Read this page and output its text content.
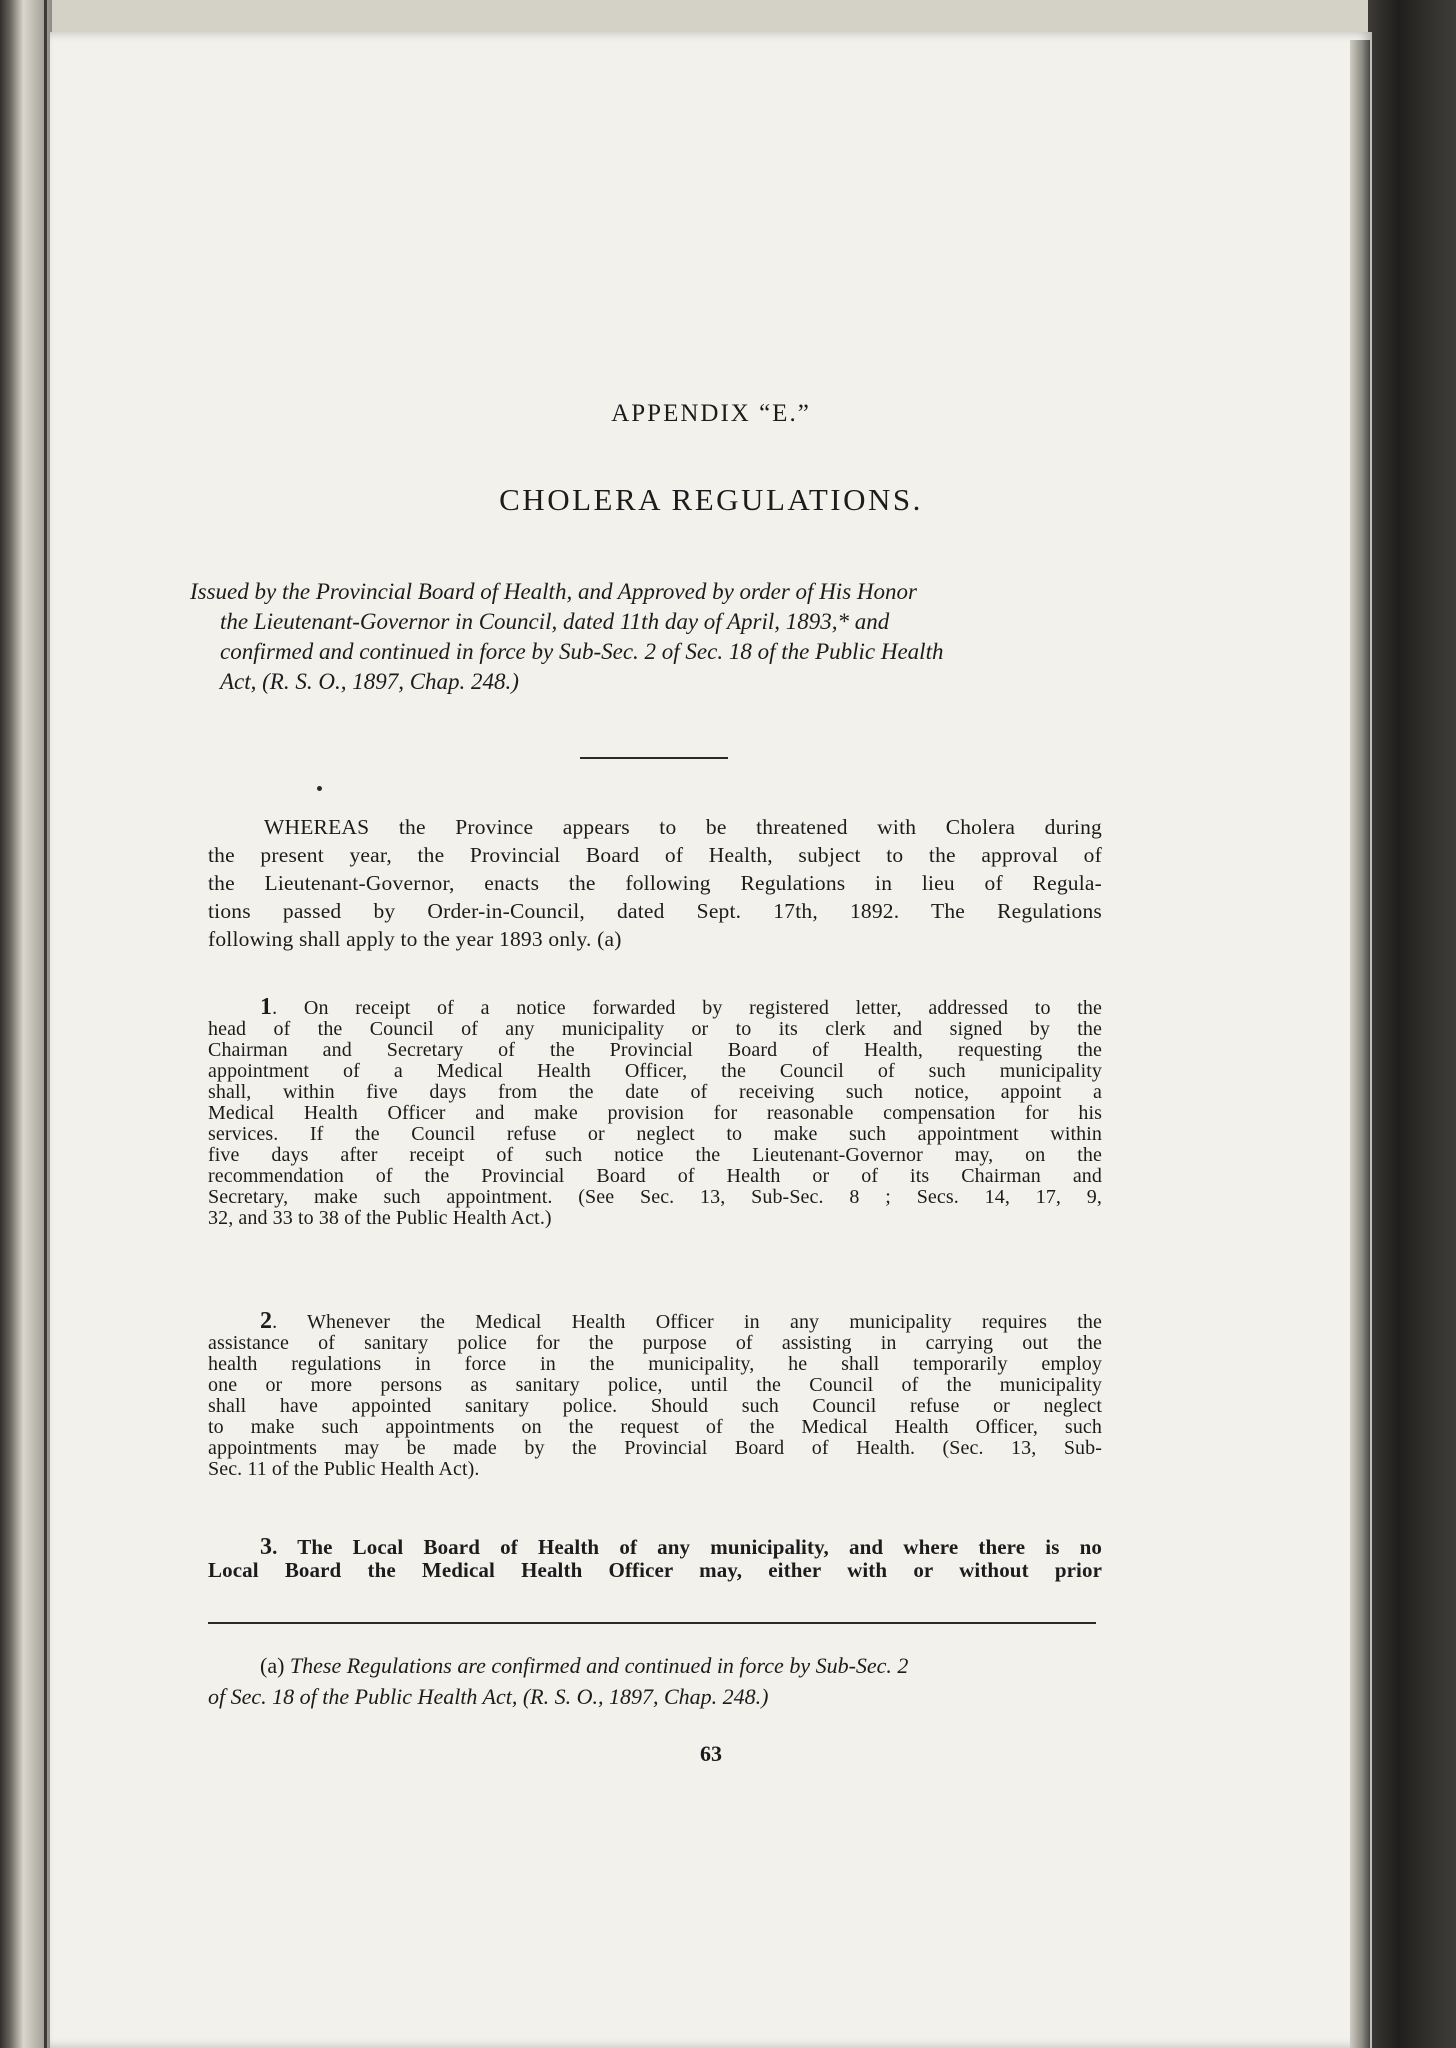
APPENDIX “E.”
CHOLERA REGULATIONS.
Issued by the Provincial Board of Health, and Approved by order of His Honor
the Lieutenant-Governor in Council, dated 11th day of April, 1893,* and
confirmed and continued in force by Sub-Sec. 2 of Sec. 18 of the Public Health
Act, (R. S. O., 1897, Chap. 248.)
WHEREAS the Province appears to be threatened with Cholera during
the present year, the Provincial Board of Health, subject to the approval of
the Lieutenant-Governor, enacts the following Regulations in lieu of Regula-
tions passed by Order-in-Council, dated Sept. 17th, 1892. The Regulations
following shall apply to the year 1893 only. (a)
1. On receipt of a notice forwarded by registered letter, addressed to the
head of the Council of any municipality or to its clerk and signed by the
Chairman and Secretary of the Provincial Board of Health, requesting the
appointment of a Medical Health Officer, the Council of such municipality
shall, within five days from the date of receiving such notice, appoint a
Medical Health Officer and make provision for reasonable compensation for his
services. If the Council refuse or neglect to make such appointment within
five days after receipt of such notice the Lieutenant-Governor may, on the
recommendation of the Provincial Board of Health or of its Chairman and
Secretary, make such appointment. (See Sec. 13, Sub-Sec. 8 ; Secs. 14, 17, 9,
32, and 33 to 38 of the Public Health Act.)
2. Whenever the Medical Health Officer in any municipality requires the
assistance of sanitary police for the purpose of assisting in carrying out the
health regulations in force in the municipality, he shall temporarily employ
one or more persons as sanitary police, until the Council of the municipality
shall have appointed sanitary police. Should such Council refuse or neglect
to make such appointments on the request of the Medical Health Officer, such
appointments may be made by the Provincial Board of Health. (Sec. 13, Sub-
Sec. 11 of the Public Health Act).
3. The Local Board of Health of any municipality, and where there is no
Local Board the Medical Health Officer may, either with or without prior
(a) These Regulations are confirmed and continued in force by Sub-Sec. 2
of Sec. 18 of the Public Health Act, (R. S. O., 1897, Chap. 248.)
63
